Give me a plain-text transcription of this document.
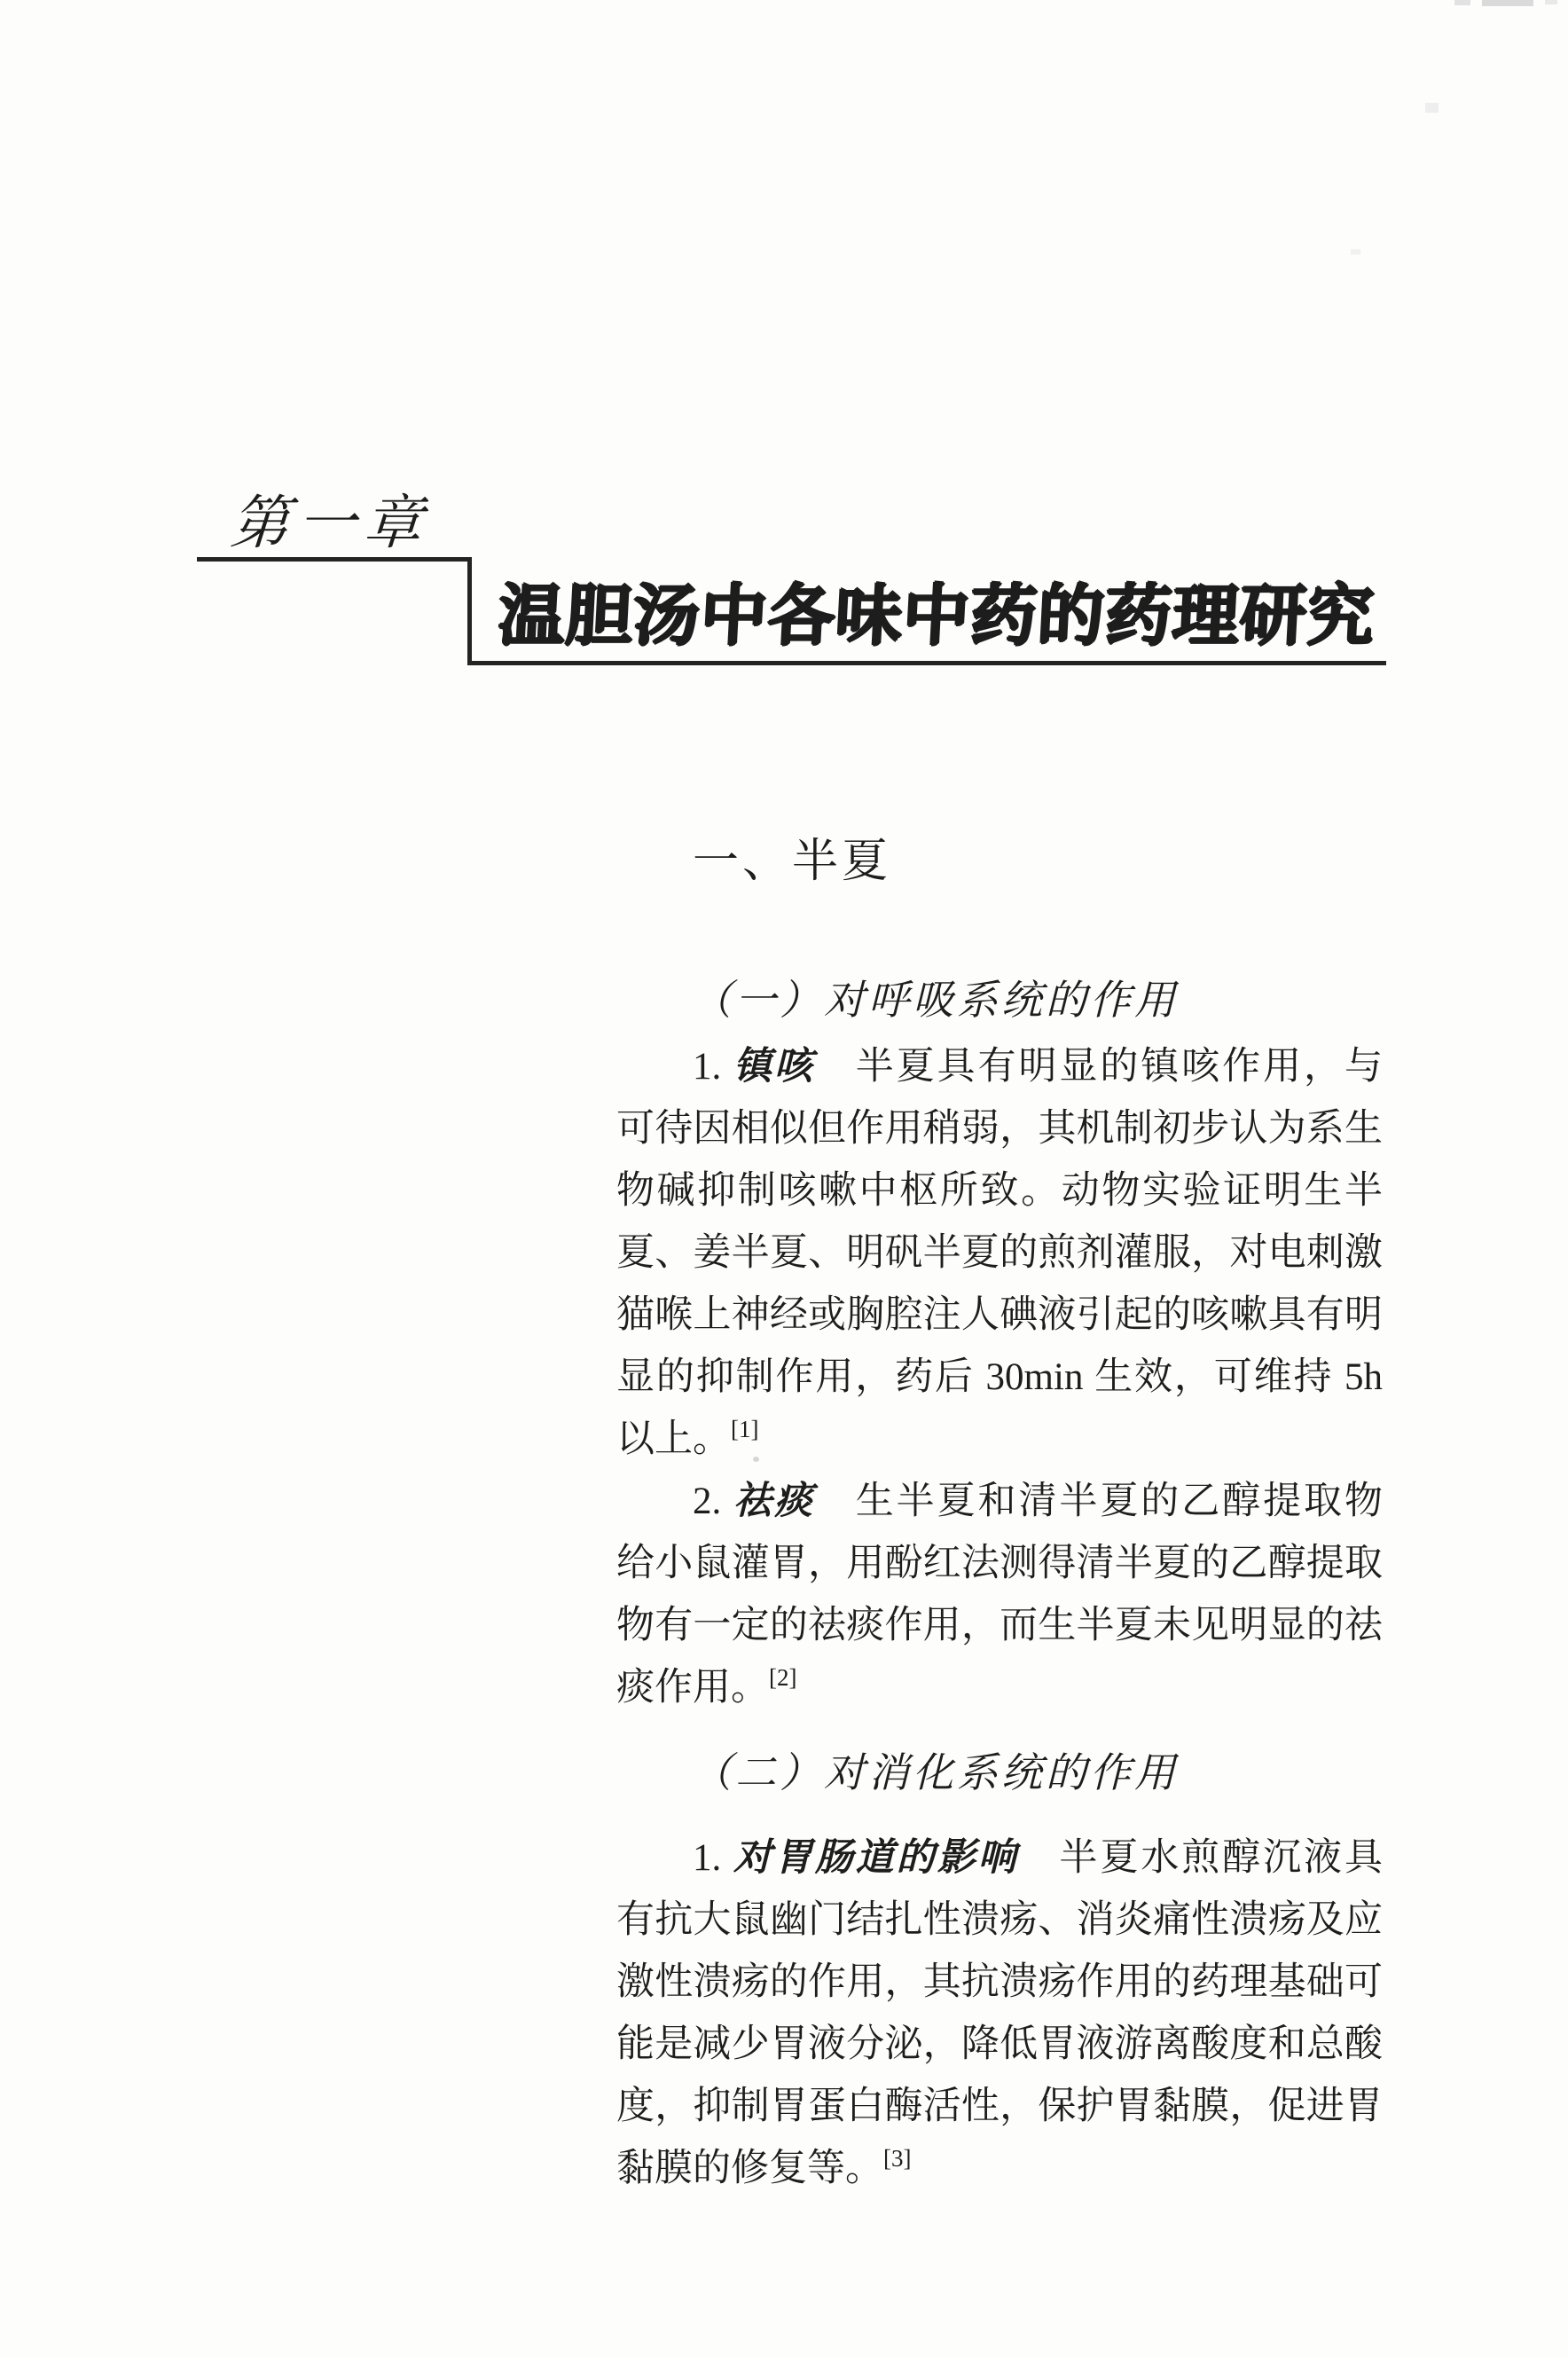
第一章
温胆汤中各味中药的药理研究
一、半夏
（一）对呼吸系统的作用
1. 镇咳　半夏具有明显的镇咳作用，与
可待因相似但作用稍弱，其机制初步认为系生
物碱抑制咳嗽中枢所致。动物实验证明生半
夏、姜半夏、明矾半夏的煎剂灌服，对电刺激
猫喉上神经或胸腔注人碘液引起的咳嗽具有明
显的抑制作用，药后 30min 生效，可维持 5h
以上。[1]
2. 祛痰　生半夏和清半夏的乙醇提取物
给小鼠灌胃，用酚红法测得清半夏的乙醇提取
物有一定的祛痰作用，而生半夏未见明显的祛
痰作用。[2]
（二）对消化系统的作用
1. 对胃肠道的影响　半夏水煎醇沉液具
有抗大鼠幽门结扎性溃疡、消炎痛性溃疡及应
激性溃疡的作用，其抗溃疡作用的药理基础可
能是减少胃液分泌，降低胃液游离酸度和总酸
度，抑制胃蛋白酶活性，保护胃黏膜，促进胃
黏膜的修复等。[3]
